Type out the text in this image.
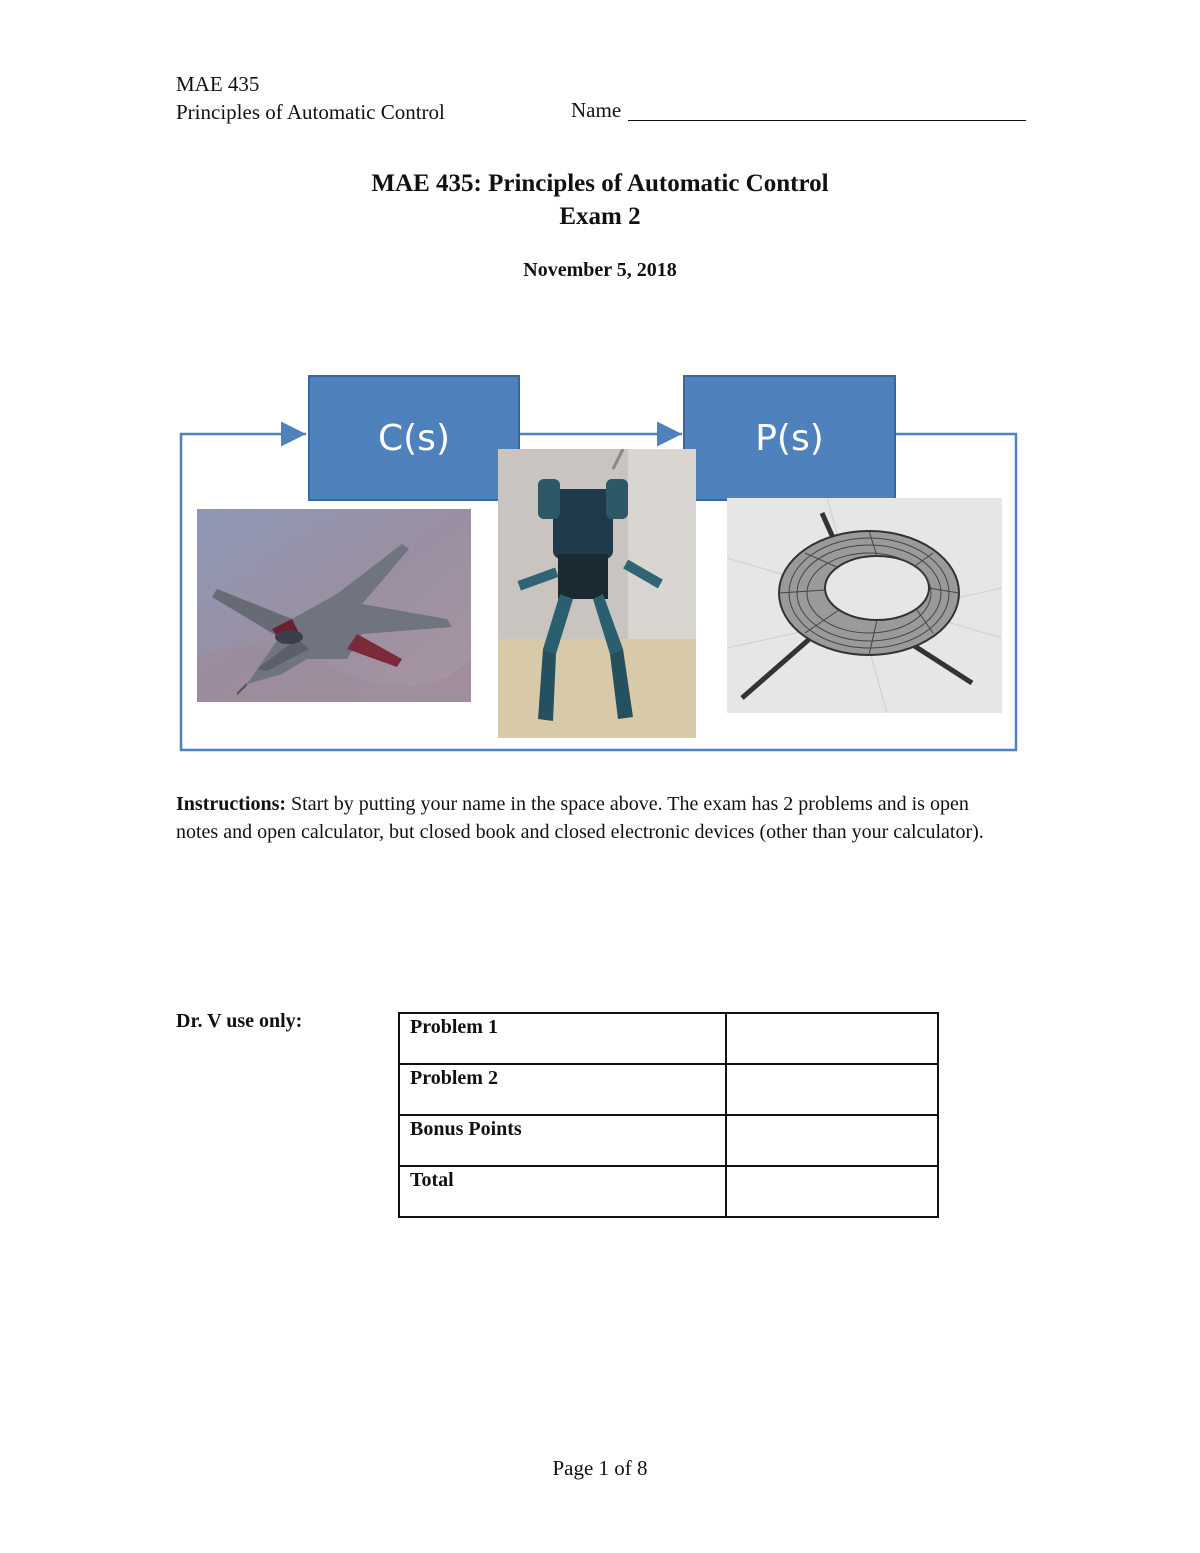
MAE 435
Principles of Automatic Control	Name
MAE 435: Principles of Automatic Control
Exam 2
November 5, 2018
C(s)	P(s)
Instructions: Start by putting your name in the space above. The exam has 2 problems and is open notes and open calculator, but closed book and closed electronic devices (other than your calculator).
Dr. V use only:	Problem 1	
Problem 2	
Bonus Points	
Total	
Page 1 of 8
